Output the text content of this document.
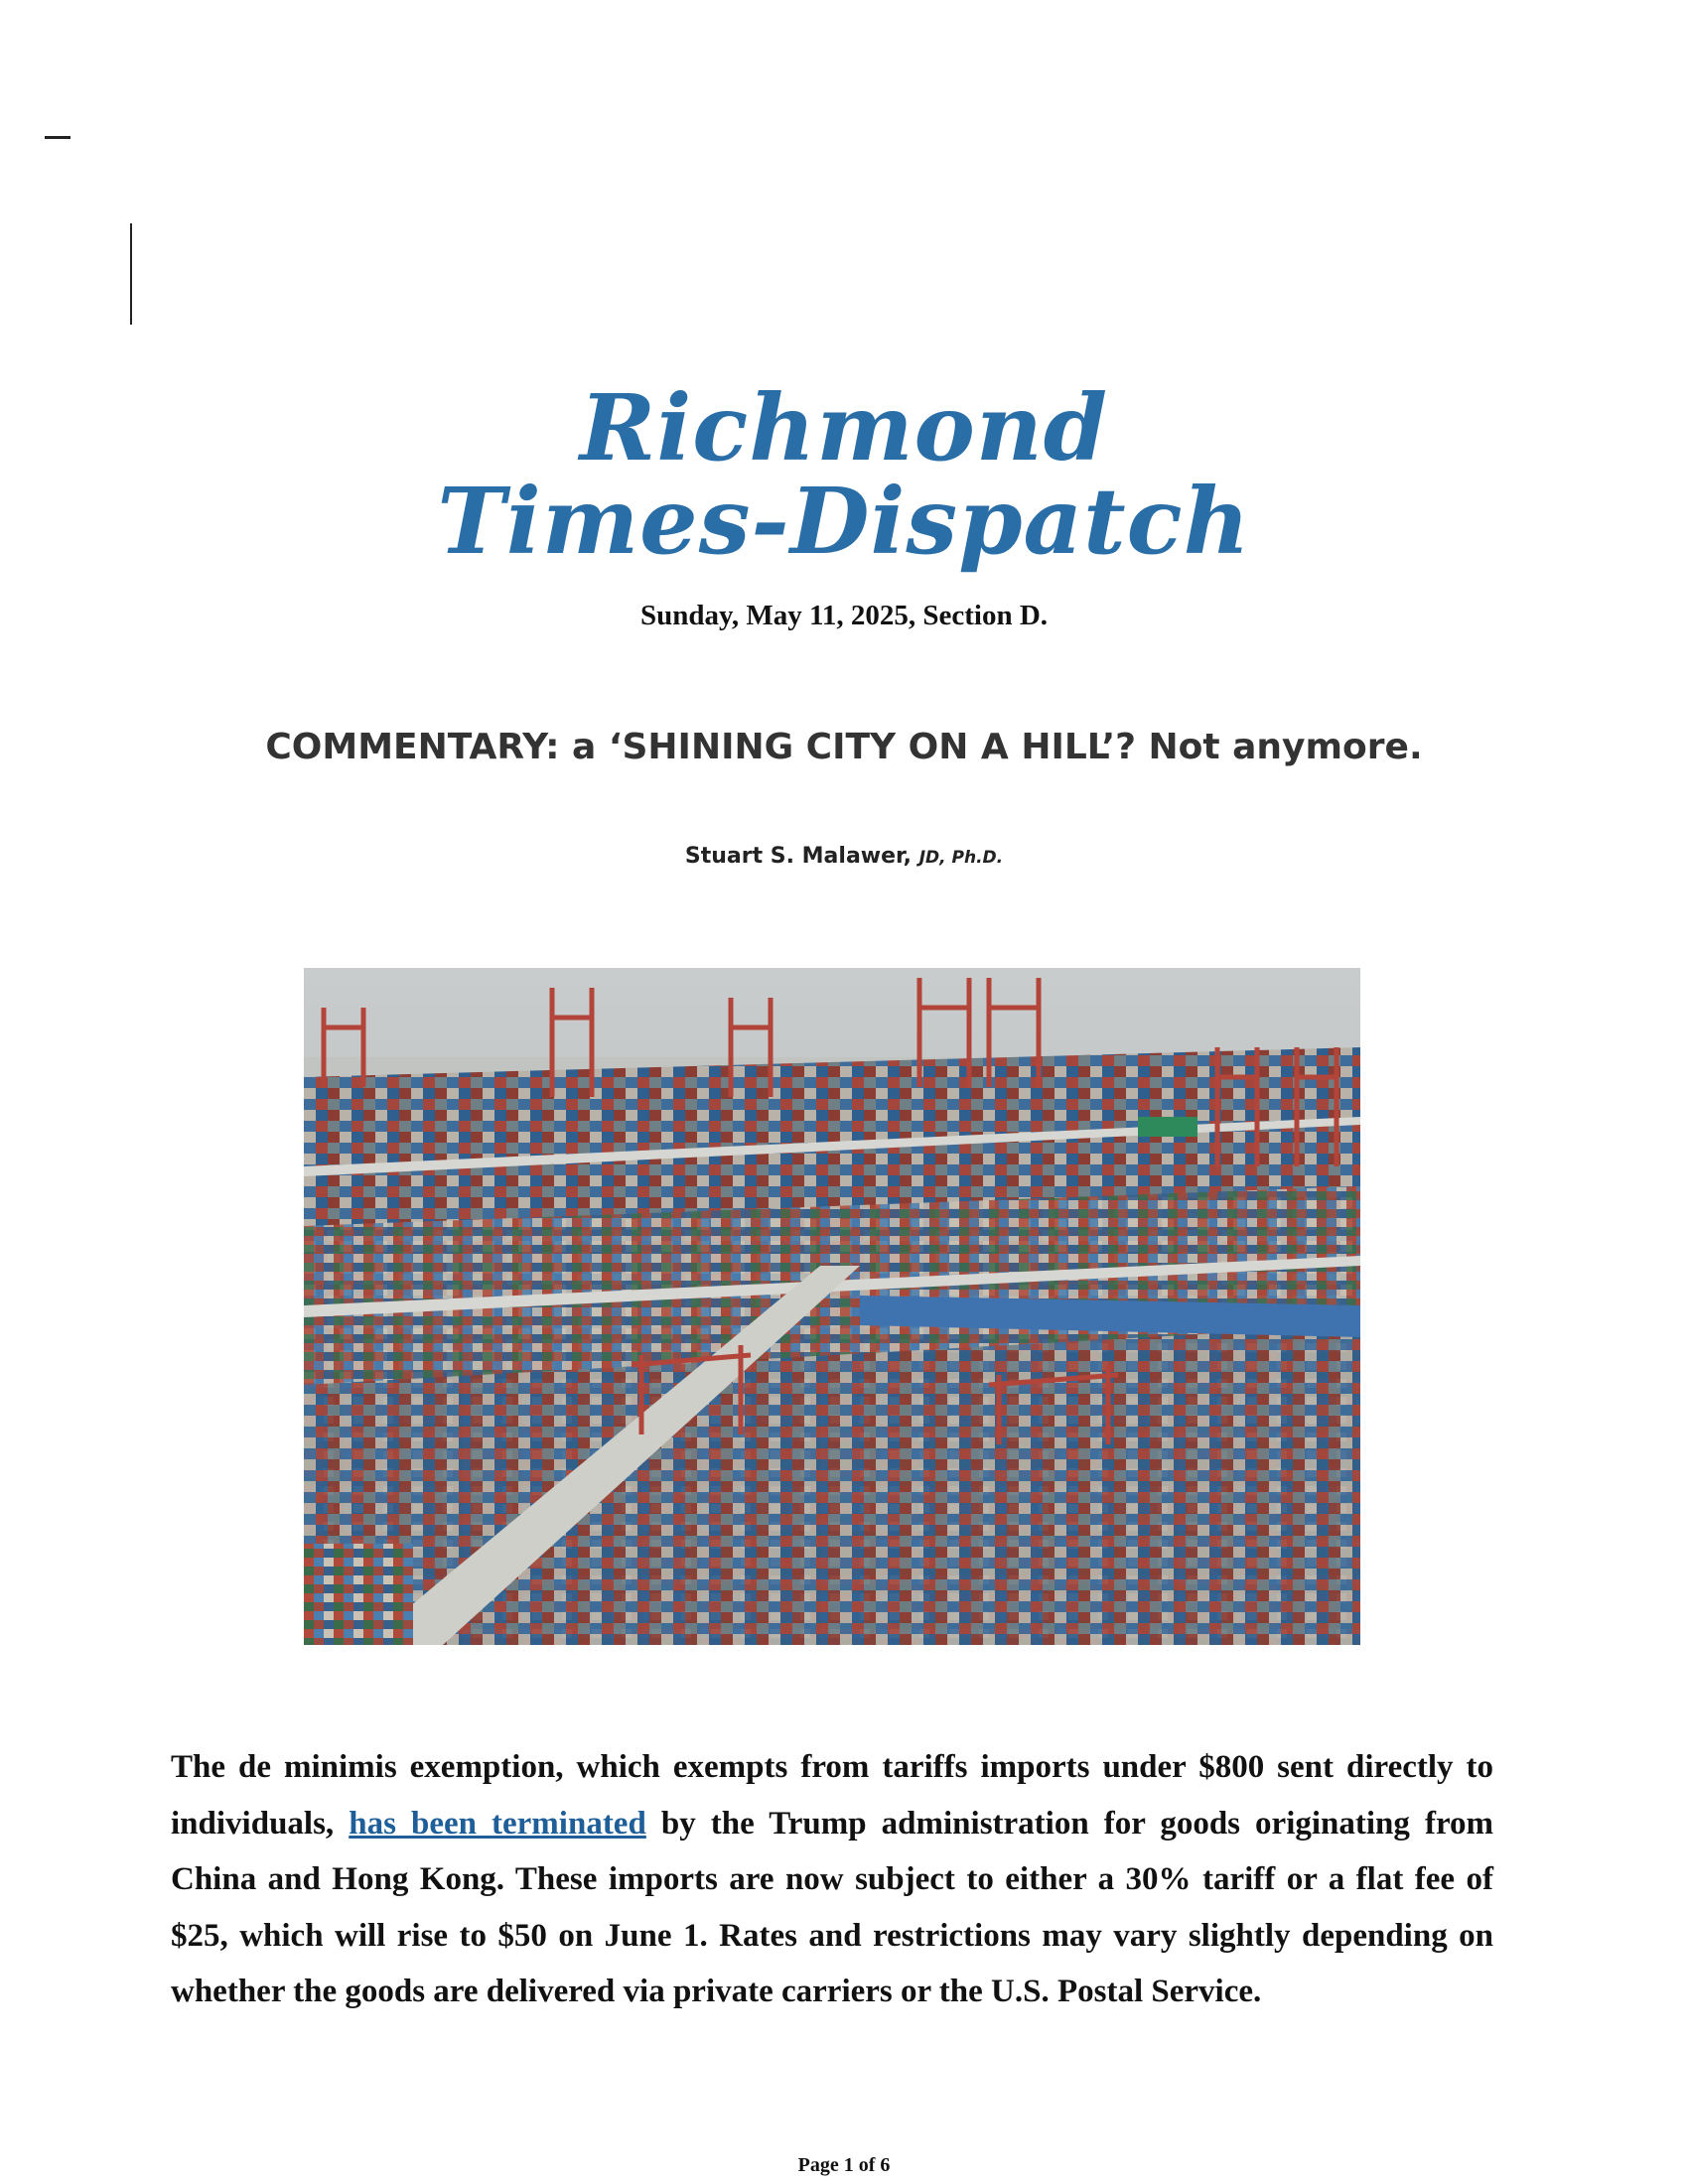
Richmond
Times-Dispatch
Sunday, May 11, 2025, Section D.
COMMENTARY: a ‘SHINING CITY ON A HILL’? Not anymore.
Stuart S. Malawer, JD, Ph.D.
The de minimis exemption, which exempts from tariffs imports under $800 sent directly to individuals, has been terminated by the Trump administration for goods originating from China and Hong Kong. These imports are now subject to either a 30% tariff or a flat fee of $25, which will rise to $50 on June 1. Rates and restrictions may vary slightly depending on whether the goods are delivered via private carriers or the U.S. Postal Service.
Page 1 of 6
